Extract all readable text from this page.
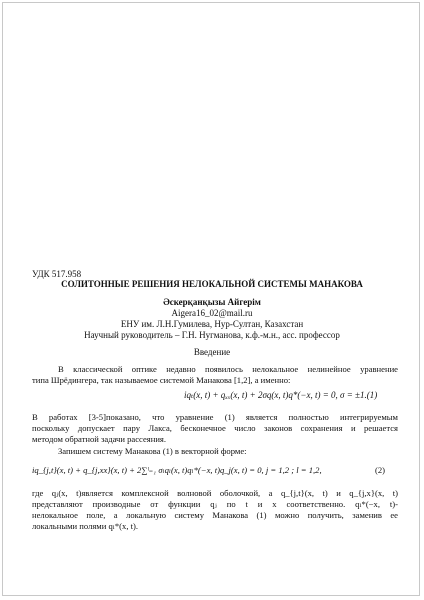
УДК 517.958
СОЛИТОННЫЕ РЕШЕНИЯ НЕЛОКАЛЬНОЙ СИСТЕМЫ МАНАКОВА
Әскерқанқызы Айгерім
Aigera16_02@mail.ru
ЕНУ им. Л.Н.Гумилева, Нур-Султан, Казахстан
Научный руководитель – Г.Н. Нугманова, к.ф.-м.н., асс. профессор
Введение
В классической оптике недавно появилось нелокальное нелинейное уравнение
типа Шрёдингера, так называемое системой Манакова [1,2], а именно:
iqₜ(x, t) + qₓₓ(x, t) + 2σq(x, t)q*(−x, t) = 0, σ = ±1.(1)
В работах [3-5]показано, что уравнение (1) является полностью интегрируемым
поскольку допускает пару Лакса, бесконечное число законов сохранения и решается
методом обратной задачи рассеяния.
Запишем систему Манакова (1) в векторной форме:
iq_{j,t}(x, t) + q_{j,xx}(x, t) + 2∑ˡ₌₁ σₗqₗ(x, t)qₗ*(−x, t)q_j(x, t) = 0, j = 1,2 ; l = 1,2,	(2)
где qⱼ(x, t)является комплексной волновой оболочкой, а q_{j,t}(x, t) и q_{j,x}(x, t)
представляют производные от функции qⱼ по t и x соответственно. qₗ*(−x, t)-
нелокальное поле, а локальную систему Манакова (1) можно получить, заменив ее
локальными полями qₗ*(x, t).
